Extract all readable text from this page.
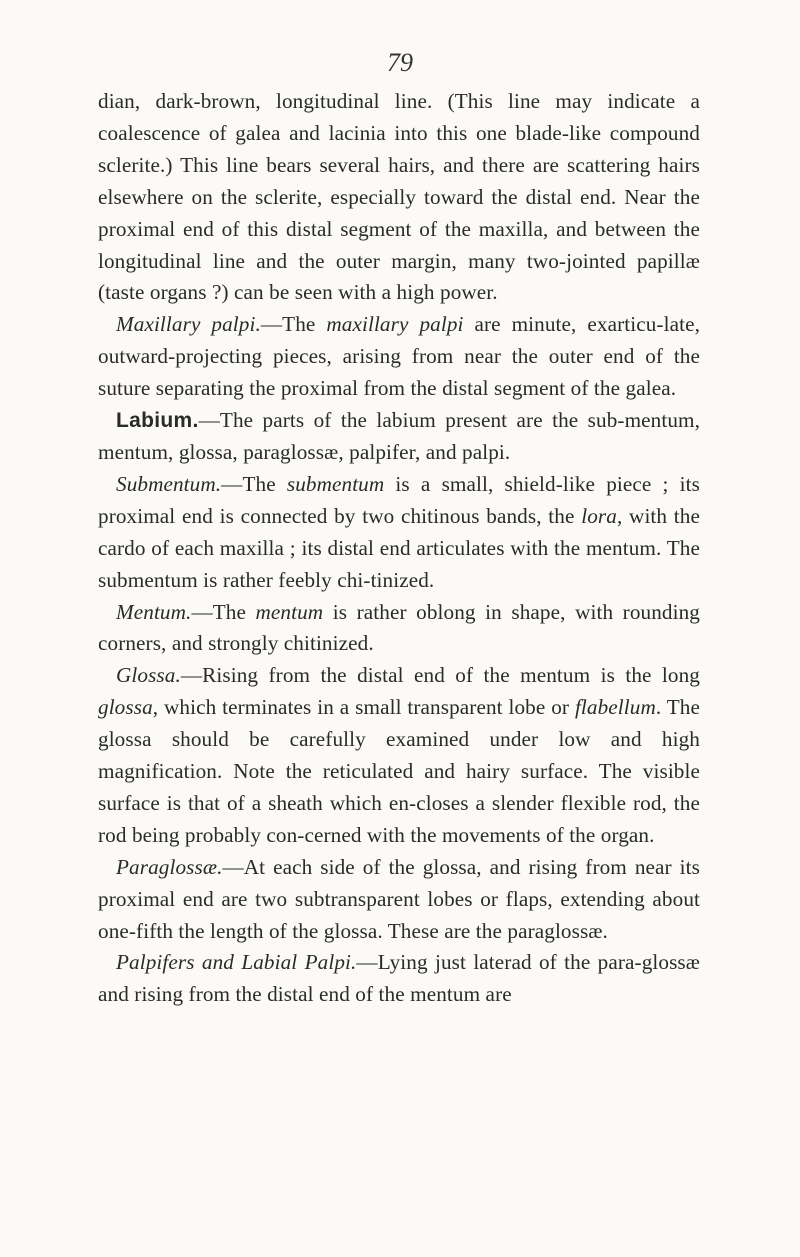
79

dian, dark-brown, longitudinal line. (This line may indicate a coalescence of galea and lacinia into this one blade-like compound sclerite.) This line bears several hairs, and there are scattering hairs elsewhere on the sclerite, especially toward the distal end. Near the proximal end of this distal segment of the maxilla, and between the longitudinal line and the outer margin, many two-jointed papillæ (taste organs ?) can be seen with a high power.

Maxillary palpi.—The maxillary palpi are minute, exarticu-late, outward-projecting pieces, arising from near the outer end of the suture separating the proximal from the distal segment of the galea.

Labium.—The parts of the labium present are the sub-mentum, mentum, glossa, paraglossæ, palpifer, and palpi.

Submentum.—The submentum is a small, shield-like piece ; its proximal end is connected by two chitinous bands, the lora, with the cardo of each maxilla ; its distal end articulates with the mentum. The submentum is rather feebly chi-tinized.

Mentum.—The mentum is rather oblong in shape, with rounding corners, and strongly chitinized.

Glossa.—Rising from the distal end of the mentum is the long glossa, which terminates in a small transparent lobe or flabellum. The glossa should be carefully examined under low and high magnification. Note the reticulated and hairy surface. The visible surface is that of a sheath which en-closes a slender flexible rod, the rod being probably con-cerned with the movements of the organ.

Paraglossæ.—At each side of the glossa, and rising from near its proximal end are two subtransparent lobes or flaps, extending about one-fifth the length of the glossa. These are the paraglossæ.

Palpifers and Labial Palpi.—Lying just laterad of the para-glossæ and rising from the distal end of the mentum are
